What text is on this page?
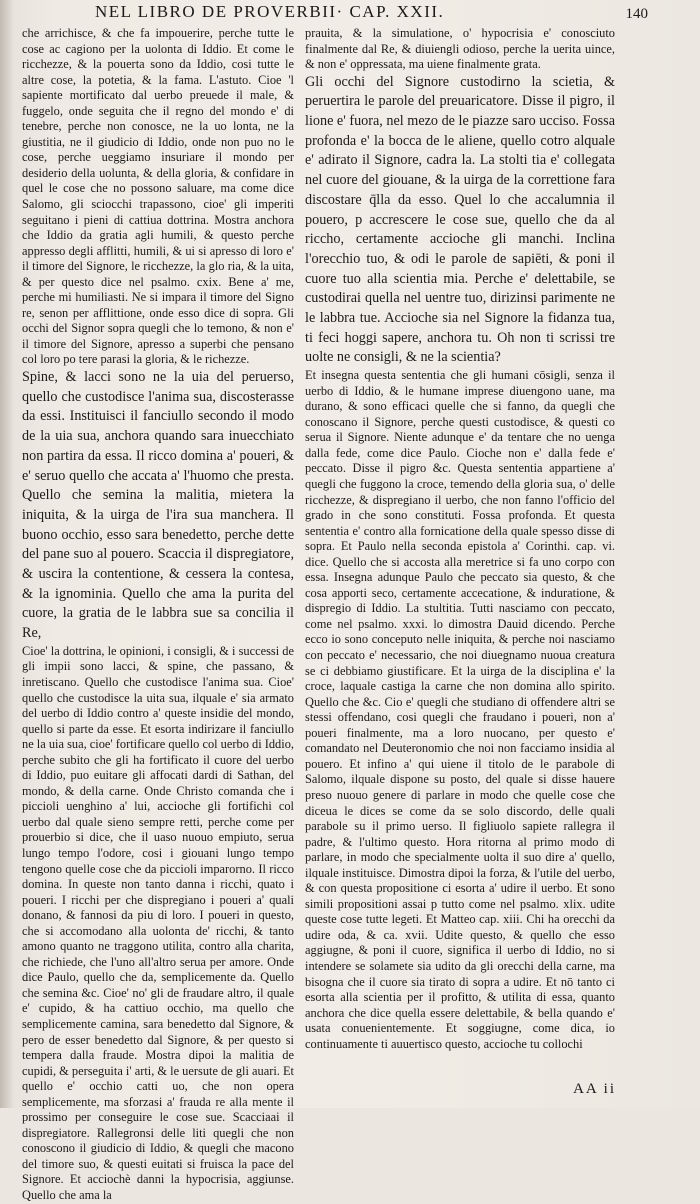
NEL LIBRO DE PROVERBII· CAP. XXII.	140

che arrichisce, & che fa impouerire, perche tutte le cose ac cagiono per la uolonta di Iddio. Et come le ricchezze, & la pouerta sono da Iddio, cosi tutte le altre cose, la potetia, & la fama. L'astuto. Cioe 'l sapiente mortificato dal uerbo preuede il male, & fuggelo, onde seguita che il regno del mondo e' di tenebre, perche non conosce, ne la uo lonta, ne la giustitia, ne il giudicio di Iddio, onde non puo no le cose, perche ueggiamo insuriare il mondo per desiderio della uolunta, & della gloria, & confidare in quel le cose che no possono saluare, ma come dice Salomo, gli sciocchi trapassono, cioe' gli imperiti seguitano i pieni di cattiua dottrina. Mostra anchora che Iddio da gratia agli humili, & questo perche appresso degli afflitti, humili, & ui si apresso di loro e' il timore del Signore, le ricchezze, la glo ria, & la uita, & per questo dice nel psalmo. cxix. Bene a' me, perche mi humiliasti. Ne si impara il timore del Signo re, senon per afflittione, onde esso dice di sopra. Gli occhi del Signor sopra quegli che lo temono, & non e' il timore del Signore, apresso a superbi che pensano col loro po tere parasi la gloria, & le richezze.

Spine, & lacci sono ne la uia del peruerso, quello che custodisce l'anima sua, discosterasse da essi. Instituisci il fanciullo secondo il modo de la uia sua, anchora quando sara inuecchiato non partira da essa. Il ricco domina a' poueri, & e' seruo quello che accata a' l'huomo che presta. Quello che semina la malitia, mietera la iniquita, & la uirga de l'ira sua manchera. Il buono occhio, esso sara benedetto, perche dette del pane suo al pouero. Scaccia il dispregiatore, & uscira la contentione, & cessera la contesa, & la ignominia. Quello che ama la purita del cuore, la gratia de le labbra sue sa concilia il Re,

Cioe' la dottrina, le opinioni, i consigli, & i successi de gli impii sono lacci, & spine, che passano, & inretiscano. Quello che custodisce l'anima sua. Cioe' quello che custodisce la uita sua, ilquale e' sia armato del uerbo di Iddio contro a' queste insidie del mondo, quello si parte da esse. Et esorta indirizare il fanciullo ne la uia sua, cioe' fortificare quello col uerbo di Iddio, perche subito che gli ha fortificato il cuore del uerbo di Iddio, puo euitare gli affocati dardi di Sathan, del mondo, & della carne. Onde Christo comanda che i piccioli uenghino a' lui, accioche gli fortifichi col uerbo dal quale sieno sempre retti, perche come per prouerbio si dice, che il uaso nuouo empiuto, serua lungo tempo l'odore, cosi i giouani lungo tempo tengono quelle cose che da piccioli imparorno. Il ricco domina. In queste non tanto danna i ricchi, quato i poueri. I ricchi per che dispregiano i poueri a' quali donano, & fannosi da piu di loro. I poueri in questo, che si accomodano alla uolonta de' ricchi, & tanto amono quanto ne traggono utilita, contro alla charita, che richiede, che l'uno all'altro serua per amore. Onde dice Paulo, quello che da, semplicemente da. Quello che semina &c. Cioe' no' gli de fraudare altro, il quale e' cupido, & ha cattiuo occhio, ma quello che semplicemente camina, sara benedetto dal Signore, & pero de esser benedetto dal Signore, & per questo si tempera dalla fraude. Mostra dipoi la malitia de cupidi, & perseguita i' arti, & le uersute de gli auari. Et quello e' occhio catti uo, che non opera semplicemente, ma sforzasi a' frauda re alla mente il prossimo per conseguire le cose sue. Scacciaai il dispregiatore. Rallegronsi delle liti quegli che non conoscono il giudicio di Iddio, & quegli che macono del timore suo, & questi euitati si fruisca la pace del Signore. Et acciochè danni la hypocrisia, aggiunse. Quello che ama la

prauita, & la simulatione, o' hypocrisia e' conosciuto finalmente dal Re, & diuiengli odioso, perche la uerita uince, & non e' oppressata, ma uiene finalmente grata.

Gli occhi del Signore custodirno la scietia, & peruertira le parole del preuaricatore. Disse il pigro, il lione e' fuora, nel mezo de le piazze saro ucciso. Fossa profonda e' la bocca de le aliene, quello cotro alquale e' adirato il Signore, cadra la. La stolti tia e' collegata nel cuore del giouane, & la uirga de la correttione fara discostare q̄lla da esso. Quel lo che accalumnia il pouero, p accrescere le cose sue, quello che da al riccho, certamente accioche gli manchi. Inclina l'orecchio tuo, & odi le parole de sapiēti, & poni il cuore tuo alla scientia mia. Perche e' delettabile, se custodirai quella nel uentre tuo, dirizinsi parimente ne le labbra tue. Accioche sia nel Signore la fidanza tua, ti feci hoggi sapere, anchora tu. Oh non ti scrissi tre uolte ne consigli, & ne la scientia?

Et insegna questa sententia che gli humani cōsigli, senza il uerbo di Iddio, & le humane imprese diuengono uane, ma durano, & sono efficaci quelle che si fanno, da quegli che conoscano il Signore, perche questi custodisce, & questi co serua il Signore. Niente adunque e' da tentare che no uenga dalla fede, come dice Paulo. Cioche non e' dalla fede e' peccato. Disse il pigro &c. Questa sententia appartiene a' quegli che fuggono la croce, temendo della gloria sua, o' delle ricchezze, & dispregiano il uerbo, che non fanno l'officio del grado in che sono constituti. Fossa profonda. Et questa sententia e' contro alla fornicatione della quale spesso disse di sopra. Et Paulo nella seconda epistola a' Corinthi. cap. vi. dice. Quello che si accosta alla meretrice si fa uno corpo con essa. Insegna adunque Paulo che peccato sia questo, & che cosa apporti seco, certamente accecatione, & induratione, & dispregio di Iddio. La stultitia. Tutti nasciamo con peccato, come nel psalmo. xxxi. lo dimostra Dauid dicendo. Perche ecco io sono conceputo nelle iniquita, & perche noi nasciamo con peccato e' necessario, che noi diuegnamo nuoua creatura se ci debbiamo giustificare. Et la uirga de la disciplina e' la croce, laquale castiga la carne che non domina allo spirito. Quello che &c. Cio e' quegli che studiano di offendere altri se stessi offendano, cosi quegli che fraudano i poueri, non a' poueri finalmente, ma a loro nuocano, per questo e' comandato nel Deuteronomio che noi non facciamo insidia al pouero. Et infino a' qui uiene il titolo de le parabole di Salomo, ilquale dispone su posto, del quale si disse hauere preso nuouo genere di parlare in modo che quelle cose che diceua le dices se come da se solo discordo, delle quali parabole su il primo uerso. Il figliuolo sapiete rallegra il padre, & l'ultimo questo. Hora ritorna al primo modo di parlare, in modo che specialmente uolta il suo dire a' quello, ilquale instituisce. Dimostra dipoi la forza, & l'utile del uerbo, & con questa propositione ci esorta a' udire il uerbo. Et sono simili propositioni assai p tutto come nel psalmo. xlix. udite queste cose tutte legeti. Et Matteo cap. xiii. Chi ha orecchi da udire oda, & ca. xvii. Udite questo, & quello che esso aggiugne, & poni il cuore, significa il uerbo di Iddio, no si intendere se solamete sia udito da gli orecchi della carne, ma bisogna che il cuore sia tirato di sopra a udire. Et nō tanto ci esorta alla scientia per il profitto, & utilita di essa, quanto anchora che dice quella essere delettabile, & bella quando e' usata conuenientemente. Et soggiugne, come dica, io continuamente ti auuertisco questo, accioche tu collochi

AA ii
